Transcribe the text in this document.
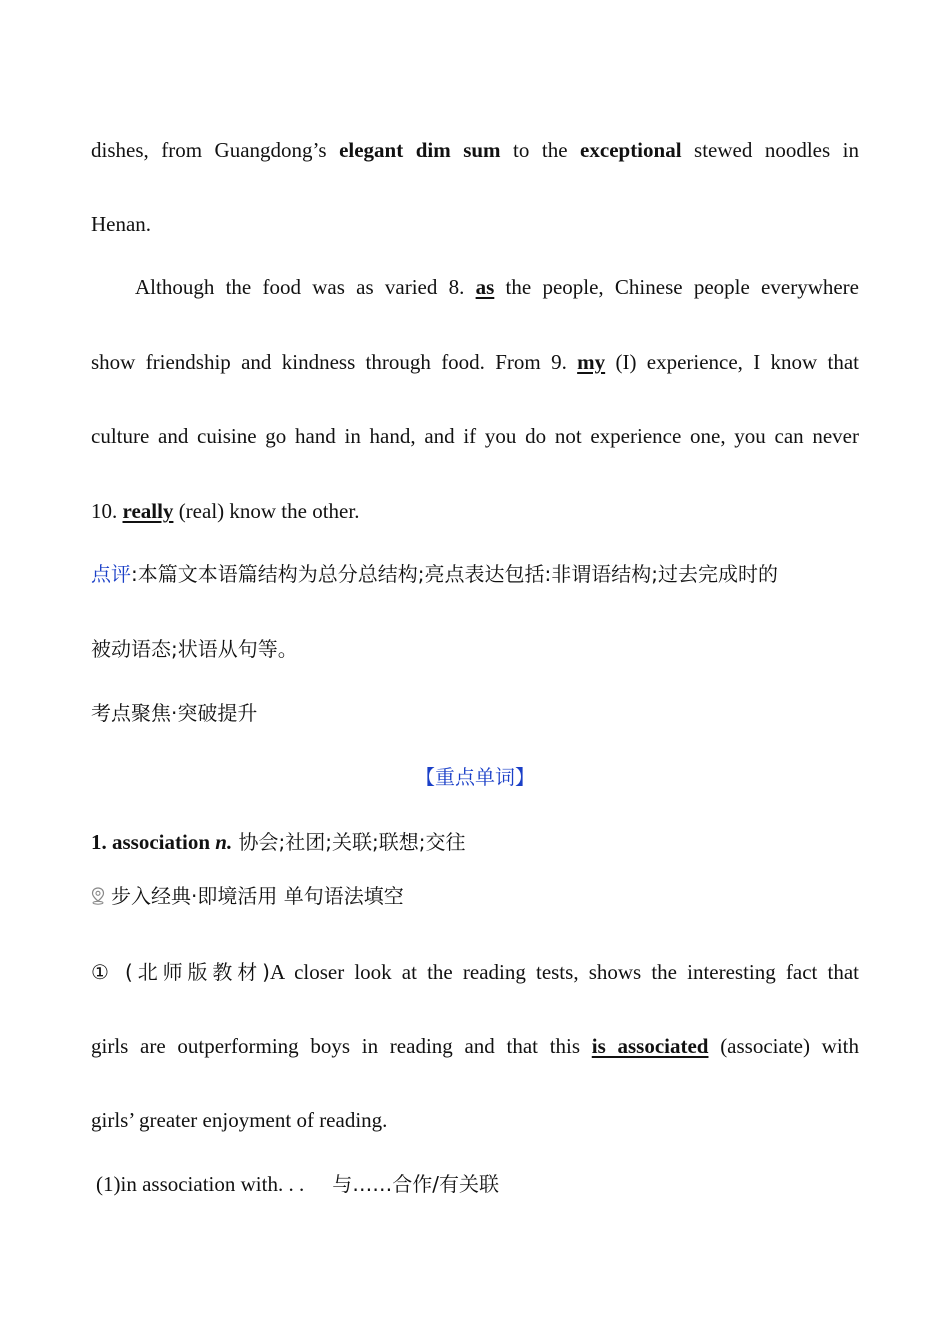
dishes, from Guangdong’s elegant dim sum to the exceptional stewed noodles in
Henan.
Although the food was as varied 8. as the people, Chinese people everywhere
show friendship and kindness through food. From 9. my (I) experience, I know that
culture and cuisine go hand in hand, and if you do not experience one, you can never
10. really (real) know the other.
点评:本篇文本语篇结构为总分总结构;亮点表达包括:非谓语结构;过去完成时的
被动语态;状语从句等。
考点聚焦·突破提升
【重点单词】
1. association n. 协会;社团;关联;联想;交往
步入经典·即境活用 单句语法填空
① (北师版教材)A closer look at the reading tests, shows the interesting fact that
girls are outperforming boys in reading and that this is associated (associate) with
girls’ greater enjoyment of reading.
(1)in association with. . . 与……合作/有关联
